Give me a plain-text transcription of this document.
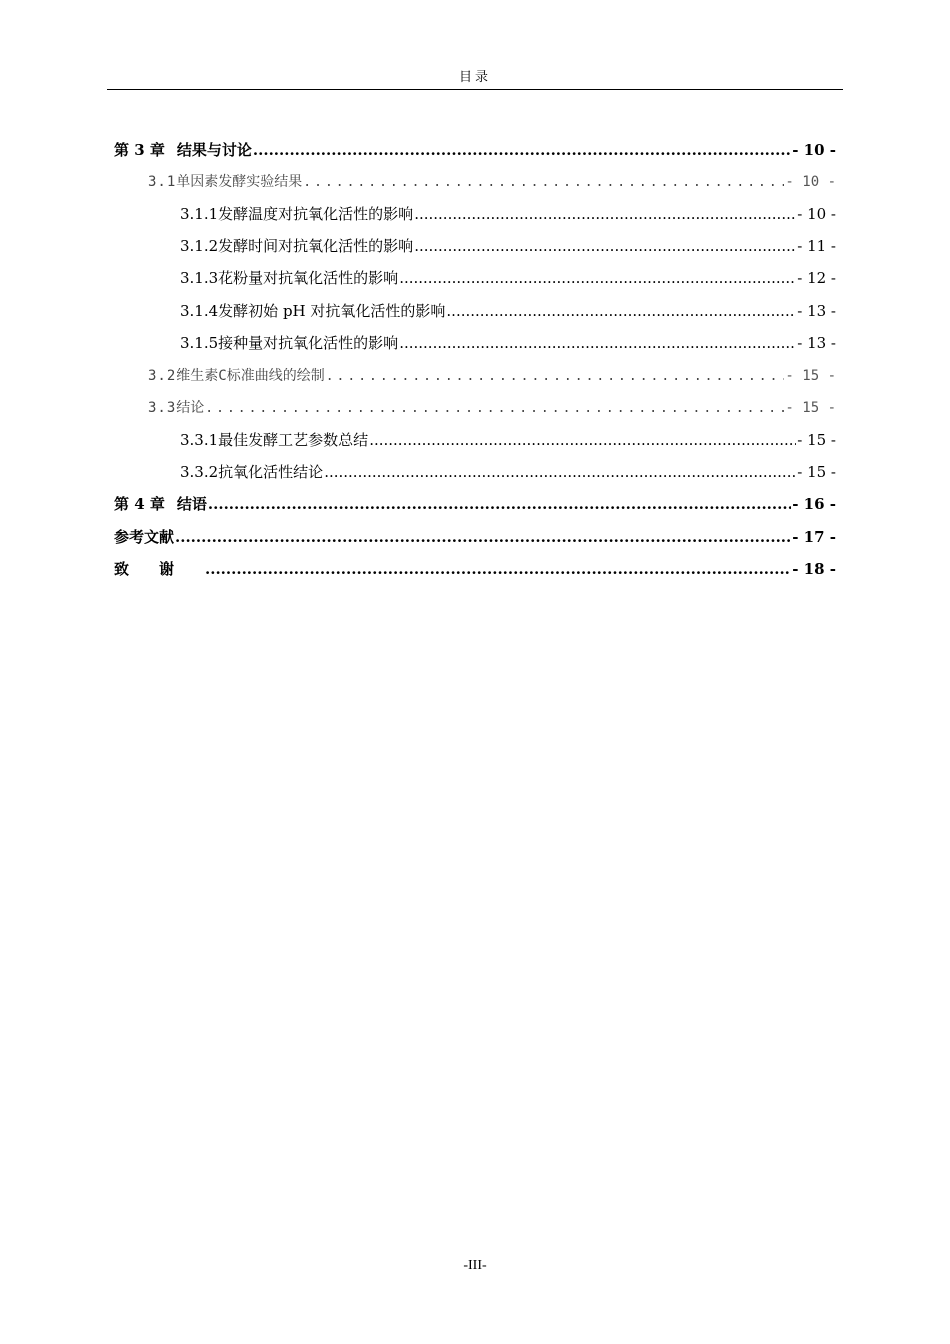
目录
第 3 章 结果与讨论 .....	- 10 -
3.1 单因素发酵实验结果 .....	- 10 -
3.1.1 发酵温度对抗氧化活性的影响 .....	- 10 -
3.1.2 发酵时间对抗氧化活性的影响 .....	- 11 -
3.1.3 花粉量对抗氧化活性的影响 .....	- 12 -
3.1.4 发酵初始 pH 对抗氧化活性的影响 .....	- 13 -
3.1.5 接种量对抗氧化活性的影响 .....	- 13 -
3.2 维生素C标准曲线的绘制 .....	- 15 -
3.3 结论 .....	- 15 -
3.3.1 最佳发酵工艺参数总结 .....	- 15 -
3.3.2 抗氧化活性结论 .....	- 15 -
第 4 章 结语 .....	- 16 -
参考文献 .....	- 17 -
致谢 .....	- 18 -
-III-
